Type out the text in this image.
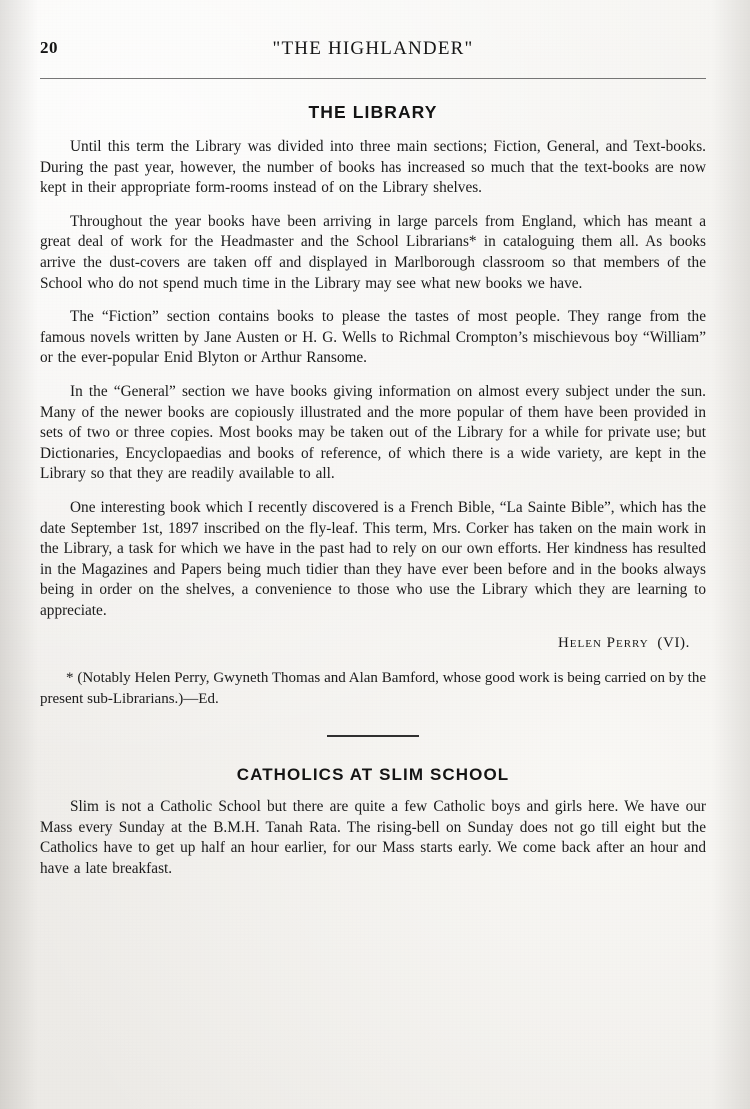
20	"THE HIGHLANDER"
THE LIBRARY

Until this term the Library was divided into three main sections; Fiction, General, and Text-books. During the past year, however, the number of books has increased so much that the text-books are now kept in their appropriate form-rooms instead of on the Library shelves.

Throughout the year books have been arriving in large parcels from England, which has meant a great deal of work for the Headmaster and the School Librarians* in cataloguing them all. As books arrive the dust-covers are taken off and displayed in Marlborough classroom so that members of the School who do not spend much time in the Library may see what new books we have.

The “Fiction” section contains books to please the tastes of most people. They range from the famous novels written by Jane Austen or H. G. Wells to Richmal Crompton’s mischievous boy “William” or the ever-popular Enid Blyton or Arthur Ransome.

In the “General” section we have books giving information on almost every subject under the sun. Many of the newer books are copiously illustrated and the more popular of them have been provided in sets of two or three copies. Most books may be taken out of the Library for a while for private use; but Dictionaries, Encyclopaedias and books of reference, of which there is a wide variety, are kept in the Library so that they are readily available to all.

One interesting book which I recently discovered is a French Bible, “La Sainte Bible”, which has the date September 1st, 1897 inscribed on the fly-leaf. This term, Mrs. Corker has taken on the main work in the Library, a task for which we have in the past had to rely on our own efforts. Her kindness has resulted in the Magazines and Papers being much tidier than they have ever been before and in the books always being in order on the shelves, a convenience to those who use the Library which they are learning to appreciate.

Helen Perry (VI).

* (Notably Helen Perry, Gwyneth Thomas and Alan Bamford, whose good work is being carried on by the present sub-Librarians.)—Ed.

CATHOLICS AT SLIM SCHOOL

Slim is not a Catholic School but there are quite a few Catholic boys and girls here. We have our Mass every Sunday at the B.M.H. Tanah Rata. The rising-bell on Sunday does not go till eight but the Catholics have to get up half an hour earlier, for our Mass starts early. We come back after an hour and have a late breakfast.
